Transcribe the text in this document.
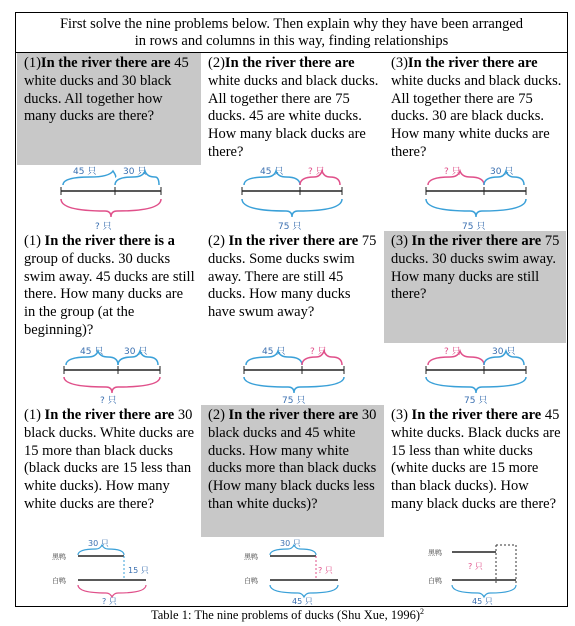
First solve the nine problems below. Then explain why they have been arranged
in rows and columns in this way, finding relationships
(1)In the river there are 45 white ducks and 30 black ducks. All together how many ducks are there?
(2)In the river there are white ducks and black ducks. All together there are 75 ducks. 45 are white ducks. How many black ducks are there?
(3)In the river there are white ducks and black ducks. All together there are 75 ducks. 30 are black ducks. How many white ducks are there?
45 只	30 只
? 只
45 只	? 只
75 只
? 只	30 只
75 只
(1) In the river there is a group of ducks. 30 ducks swim away. 45 ducks are still there. How many ducks are in the group (at the beginning)?
(2) In the river there are 75 ducks. Some ducks swim away. There are still 45 ducks. How many ducks have swum away?
(3) In the river there are 75 ducks. 30 ducks swim away. How many ducks are still there?
45 只 30 只
? 只
45 只	? 只
75 只
? 只	30 只
75 只
(1) In the river there are 30 black ducks. White ducks are 15 more than black ducks (black ducks are 15 less than white ducks). How many white ducks are there?
(2) In the river there are 30 black ducks and 45 white ducks. How many white ducks more than black ducks (How many black ducks less than white ducks)?
(3) In the river there are 45 white ducks. Black ducks are 15 less than white ducks (white ducks are 15 more than black ducks). How many black ducks are there?
30 只
黑鸭
15 只
白鸭
? 只
30 只
黑鸭
? 只
白鸭
45 只
黑鸭
? 只
白鸭
45 只
Table 1: The nine problems of ducks (Shu Xue, 1996)$^2$
